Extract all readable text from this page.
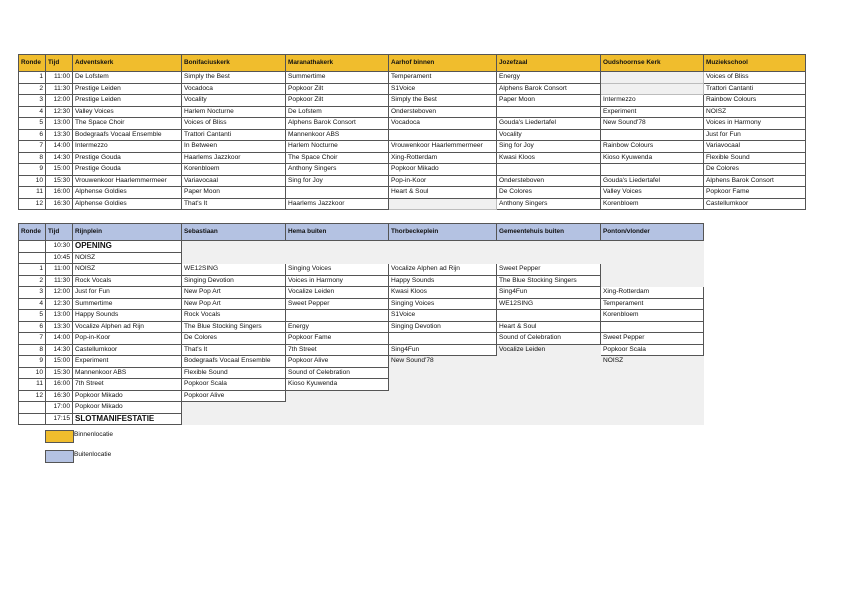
Ronde	Tijd	Adventskerk	Bonifaciuskerk	Maranathakerk	Aarhof binnen	Jozefzaal	Oudshoornse Kerk	Muziekschool
1	11:00	De Lofstem	Simply the Best	Summertime	Temperament	Energy		Voices of Bliss
2	11:30	Prestige Leiden	Vocadoca	Popkoor Zilt	S1Voice	Alphens Barok Consort		Trattori Cantanti
3	12:00	Prestige Leiden	Vocality	Popkoor Zilt	Simply the Best	Paper Moon	Intermezzo	Rainbow Colours
4	12:30	Valley Voices	Harlem Nocturne	De Lofstem	Ondersteboven		Experiment	NOISZ
5	13:00	The Space Choir	Voices of Bliss	Alphens Barok Consort	Vocadoca	Gouda's Liedertafel	New Sound'78	Voices in Harmony
6	13:30	Bodegraafs Vocaal Ensemble	Trattori Cantanti	Mannenkoor ABS		Vocality		Just for Fun
7	14:00	Intermezzo	In Between	Harlem Nocturne	Vrouwenkoor Haarlemmermeer	Sing for Joy	Rainbow Colours	Variavocaal
8	14:30	Prestige Gouda	Haarlems Jazzkoor	The Space Choir	Xing-Rotterdam	Kwasi Kloos	Kioso Kyuwenda	Flexible Sound
9	15:00	Prestige Gouda	Korenbloem	Anthony Singers	Popkoor Mikado			De Colores
10	15:30	Vrouwenkoor Haarlemmermeer	Variavocaal	Sing for Joy	Pop-in-Koor	Ondersteboven	Gouda's Liedertafel	Alphens Barok Consort
11	16:00	Alphense Goldies	Paper Moon		Heart & Soul	De Colores	Valley Voices	Popkoor Fame
12	16:30	Alphense Goldies	That's It	Haarlems Jazzkoor		Anthony Singers	Korenbloem	Castellumkoor
Ronde	Tijd	Rijnplein	Sebastiaan	Hema buiten	Thorbeckeplein	Gemeentehuis buiten	Ponton/vlonder
	10:30	OPENING					
	10:45	NOISZ					
1	11:00	NOISZ	WE12SING	Singing Voices	Vocalize Alphen ad Rijn	Sweet Pepper	
2	11:30	Rock Vocals	Singing Devotion	Voices in Harmony	Happy Sounds	The Blue Stocking Singers	
3	12:00	Just for Fun	New Pop Art	Vocalize Leiden	Kwasi Kloos	Sing4Fun	Xing-Rotterdam
4	12:30	Summertime	New Pop Art	Sweet Pepper	Singing Voices	WE12SING	Temperament
5	13:00	Happy Sounds	Rock Vocals		S1Voice		Korenbloem
6	13:30	Vocalize Alphen ad Rijn	The Blue Stocking Singers	Energy	Singing Devotion	Heart & Soul	
7	14:00	Pop-in-Koor	De Colores	Popkoor Fame		Sound of Celebration	Sweet Pepper
8	14:30	Castellumkoor	That's It	7th Street	Sing4Fun	Vocalize Leiden	Popkoor Scala
9	15:00	Experiment	Bodegraafs Vocaal Ensemble	Popkoor Alive	New Sound'78		NOISZ
10	15:30	Mannenkoor ABS	Flexible Sound	Sound of Celebration			
11	16:00	7th Street	Popkoor Scala	Kioso Kyuwenda			
12	16:30	Popkoor Mikado	Popkoor Alive				
	17:00	Popkoor Mikado					
	17:15	SLOTMANIFESTATIE					
Binnenlocatie
Buitenlocatie
